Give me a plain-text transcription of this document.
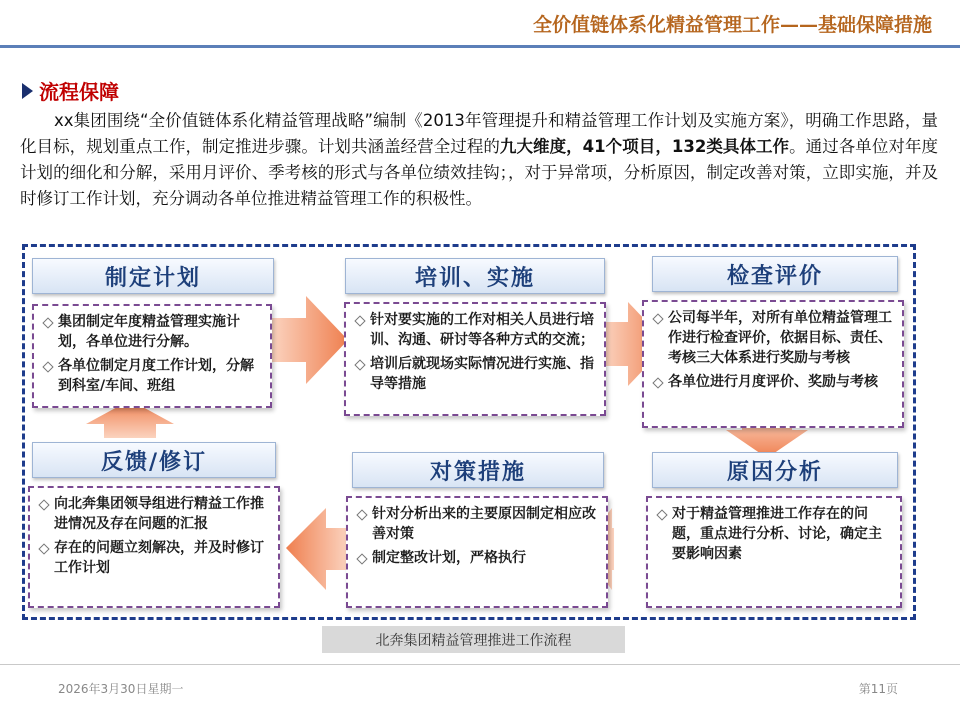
全价值链体系化精益管理工作——基础保障措施
流程保障
xx集团围绕“全价值链体系化精益管理战略”编制《2013年管理提升和精益管理工作计划及实施方案》，明确工作思路，量化目标，规划重点工作，制定推进步骤。计划共涵盖经营全过程的九大维度，41个项目，132类具体工作。通过各单位对年度计划的细化和分解，采用月评价、季考核的形式与各单位绩效挂钩；，对于异常项，分析原因，制定改善对策，立即实施，并及时修订工作计划，充分调动各单位推进精益管理工作的积极性。
制定计划	培训、实施	检查评价
反馈/修订	对策措施	原因分析
集团制定年度精益管理实施计划，各单位进行分解。
各单位制定月度工作计划，分解到科室/车间、班组
针对要实施的工作对相关人员进行培训、沟通、研讨等各种方式的交流；
培训后就现场实际情况进行实施、指导等措施
公司每半年，对所有单位精益管理工作进行检查评价，依据目标、责任、考核三大体系进行奖励与考核
各单位进行月度评价、奖励与考核
向北奔集团领导组进行精益工作推进情况及存在问题的汇报
存在的问题立刻解决，并及时修订工作计划
针对分析出来的主要原因制定相应改善对策
制定整改计划，严格执行
对于精益管理推进工作存在的问题，重点进行分析、讨论，确定主要影响因素
北奔集团精益管理推进工作流程
2026年3月30日星期一	第11页
